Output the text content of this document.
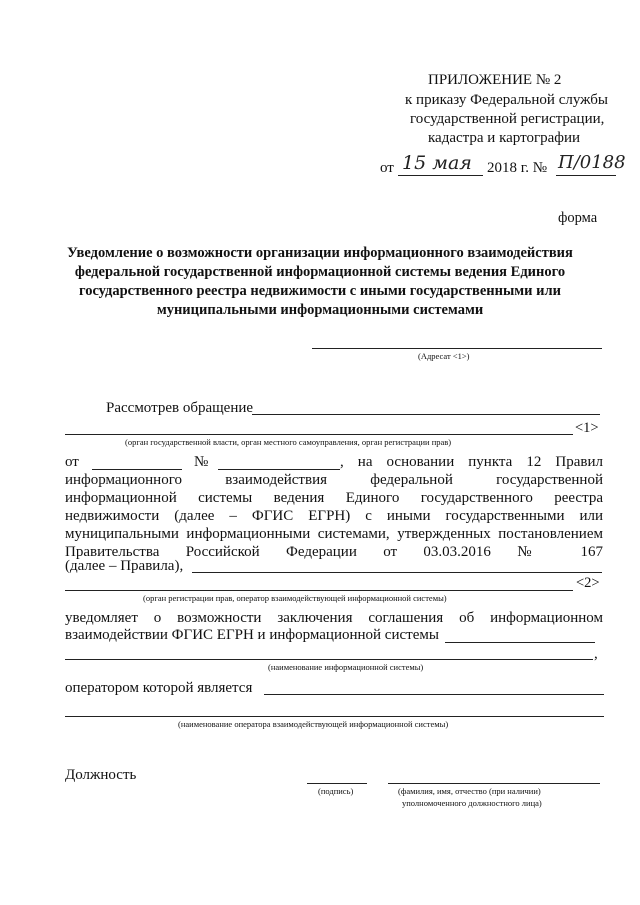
ПРИЛОЖЕНИЕ № 2
к приказу Федеральной службы
государственной регистрации,
кадастра и картографии
от 15 мая 2018 г. № П/0188
форма
Уведомление о возможности организации информационного взаимодействия
федеральной государственной информационной системы ведения Единого
государственного реестра недвижимости с иными государственными или
муниципальными информационными системами
(Адресат <1>)
Рассмотрев обращение
<1>
(орган государственной власти, орган местного самоуправления, орган регистрации прав)
от	№	, на основании пункта 12 Правил
информационного взаимодействия федеральной государственной
информационной системы ведения Единого государственного реестра
недвижимости (далее – ФГИС ЕГРН) с иными государственными или
муниципальными информационными системами, утвержденных постановлением
Правительства Российской Федерации от 03.03.2016 № 167
(далее – Правила),
<2>
(орган регистрации прав, оператор взаимодействующей информационной системы)
уведомляет о возможности заключения соглашения об информационном
взаимодействии ФГИС ЕГРН и информационной системы
,
(наименование информационной системы)
оператором которой является
(наименование оператора взаимодействующей информационной системы)
Должность
(подпись)	(фамилия, имя, отчество (при наличии)
уполномоченного должностного лица)
